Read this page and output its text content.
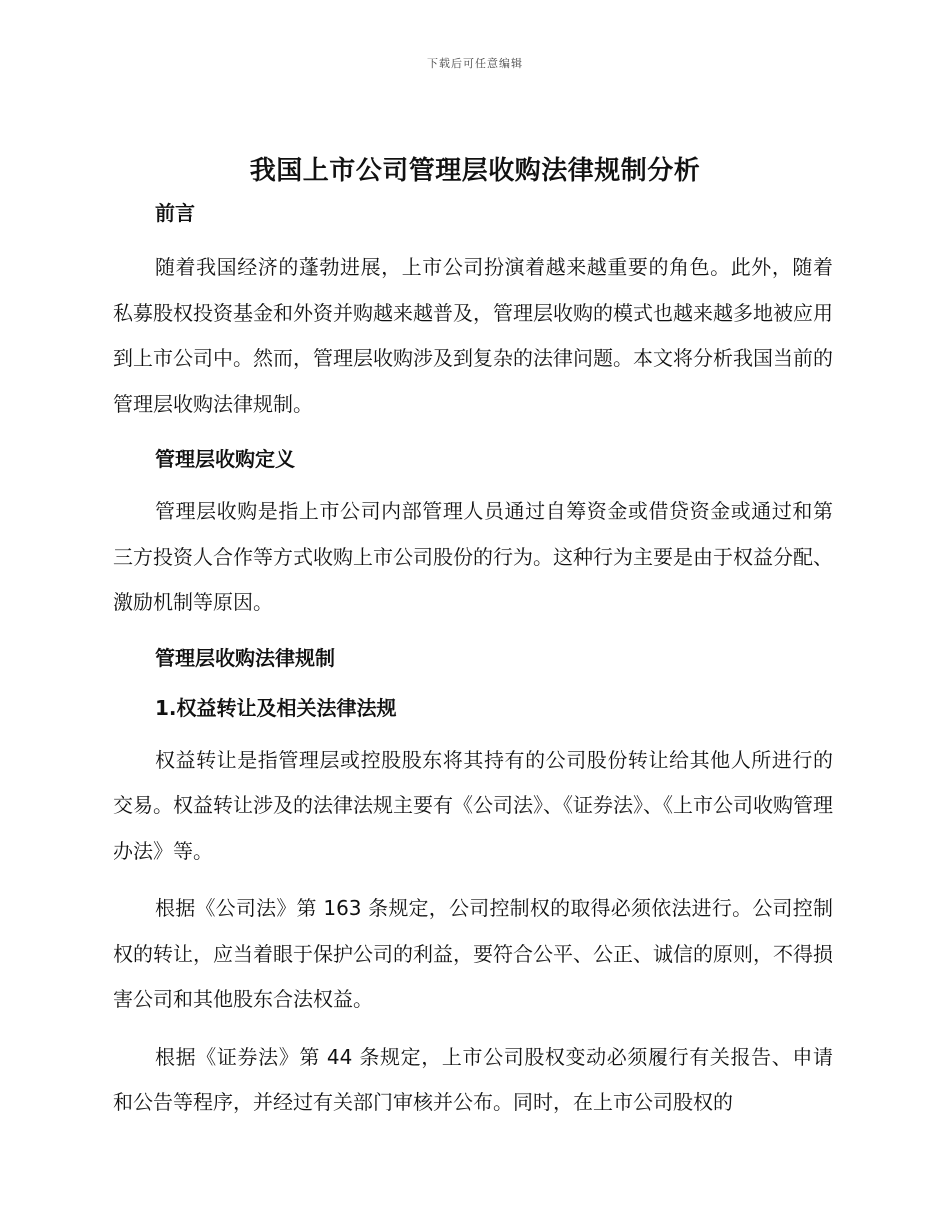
下载后可任意编辑
我国上市公司管理层收购法律规制分析
前言

随着我国经济的蓬勃进展，上市公司扮演着越来越重要的角色。此外，随着私募股权投资基金和外资并购越来越普及，管理层收购的模式也越来越多地被应用到上市公司中。然而，管理层收购涉及到复杂的法律问题。本文将分析我国当前的管理层收购法律规制。

管理层收购定义

管理层收购是指上市公司内部管理人员通过自筹资金或借贷资金或通过和第三方投资人合作等方式收购上市公司股份的行为。这种行为主要是由于权益分配、激励机制等原因。

管理层收购法律规制
1.权益转让及相关法律法规

权益转让是指管理层或控股股东将其持有的公司股份转让给其他人所进行的交易。权益转让涉及的法律法规主要有《公司法》、《证券法》、《上市公司收购管理办法》等。

根据《公司法》第 163 条规定，公司控制权的取得必须依法进行。公司控制权的转让，应当着眼于保护公司的利益，要符合公平、公正、诚信的原则，不得损害公司和其他股东合法权益。

根据《证券法》第 44 条规定，上市公司股权变动必须履行有关报告、申请和公告等程序，并经过有关部门审核并公布。同时，在上市公司股权的
